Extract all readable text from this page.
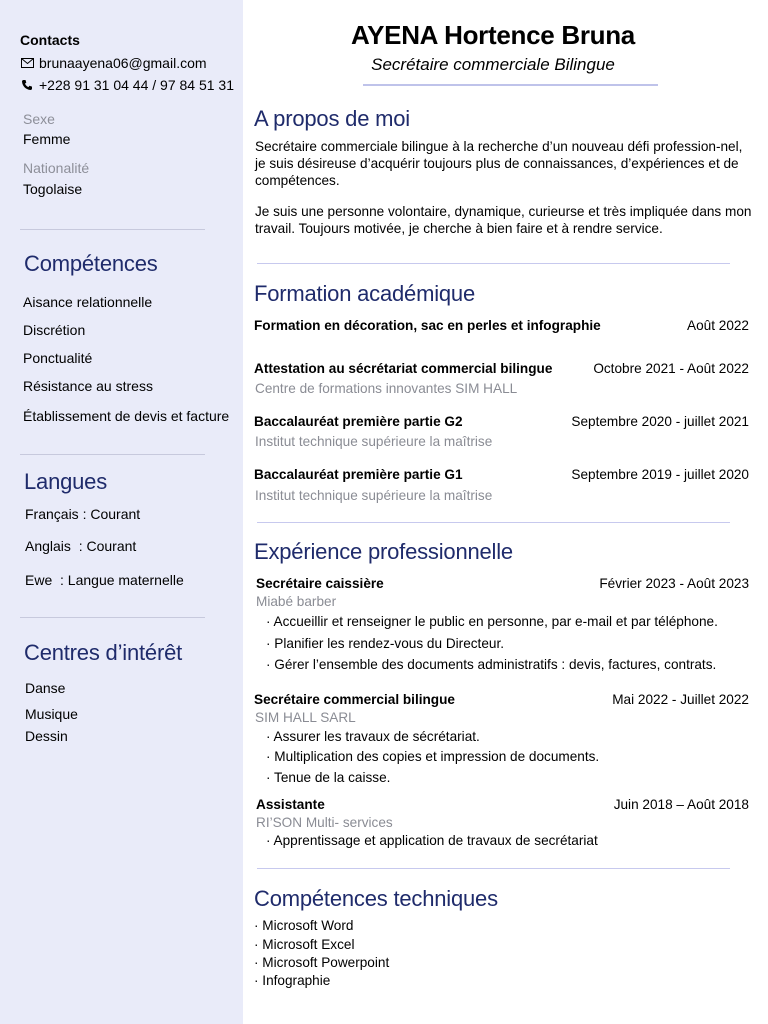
Contacts
brunaayena06@gmail.com
+228 91 31 04 44 / 97 84 51 31
Sexe
Femme
Nationalité
Togolaise
Compétences
Aisance relationnelle
Discrétion
Ponctualité
Résistance au stress
Établissement de devis et facture
Langues
Français : Courant
Anglais  : Courant
Ewe  : Langue maternelle
Centres d’intérêt
Danse
Musique
Dessin
AYENA Hortence Bruna
Secrétaire commerciale Bilingue
A propos de moi
Secrétaire commerciale bilingue à la recherche d’un nouveau défi profession-nel, je suis désireuse d’acquérir toujours plus de connaissances, d’expériences et de compétences.
Je suis une personne volontaire, dynamique, curieurse et très impliquée dans mon travail. Toujours motivée, je cherche à bien faire et à rendre service.
Formation académique
Formation en décoration, sac en perles et infographie	Août 2022
Attestation au sécrétariat commercial bilingue	Octobre 2021 - Août 2022
Centre de formations innovantes SIM HALL
Baccalauréat première partie G2	Septembre 2020 - juillet 2021
Institut technique supérieure la maîtrise
Baccalauréat première partie G1	Septembre 2019 - juillet 2020
Institut technique supérieure la maîtrise
Expérience professionnelle
Secrétaire caissière	Février 2023 - Août 2023
Miabé barber
· Accueillir et renseigner le public en personne, par e-mail et par téléphone.
· Planifier les rendez-vous du Directeur.
· Gérer l’ensemble des documents administratifs : devis, factures, contrats.
Secrétaire commercial bilingue	Mai 2022 - Juillet 2022
SIM HALL SARL
· Assurer les travaux de sécrétariat.
· Multiplication des copies et impression de documents.
· Tenue de la caisse.
Assistante	Juin 2018 – Août 2018
RI’SON Multi- services
· Apprentissage et application de travaux de secrétariat
Compétences techniques
· Microsoft Word
· Microsoft Excel
· Microsoft Powerpoint
· Infographie
